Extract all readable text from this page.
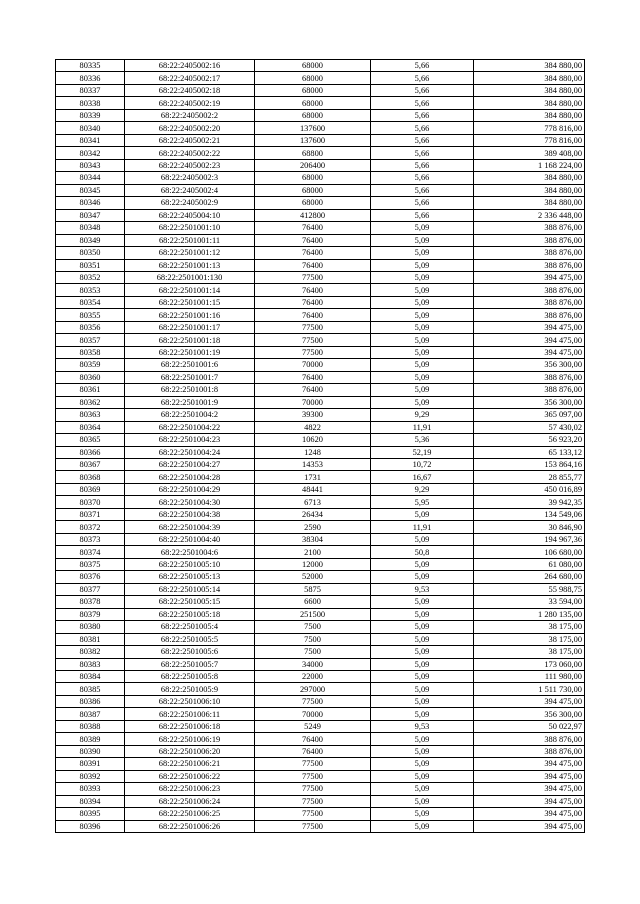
80335	68:22:2405002:16	68000	5,66	384 880,00
80336	68:22:2405002:17	68000	5,66	384 880,00
80337	68:22:2405002:18	68000	5,66	384 880,00
80338	68:22:2405002:19	68000	5,66	384 880,00
80339	68:22:2405002:2	68000	5,66	384 880,00
80340	68:22:2405002:20	137600	5,66	778 816,00
80341	68:22:2405002:21	137600	5,66	778 816,00
80342	68:22:2405002:22	68800	5,66	389 408,00
80343	68:22:2405002:23	206400	5,66	1 168 224,00
80344	68:22:2405002:3	68000	5,66	384 880,00
80345	68:22:2405002:4	68000	5,66	384 880,00
80346	68:22:2405002:9	68000	5,66	384 880,00
80347	68:22:2405004:10	412800	5,66	2 336 448,00
80348	68:22:2501001:10	76400	5,09	388 876,00
80349	68:22:2501001:11	76400	5,09	388 876,00
80350	68:22:2501001:12	76400	5,09	388 876,00
80351	68:22:2501001:13	76400	5,09	388 876,00
80352	68:22:2501001:130	77500	5,09	394 475,00
80353	68:22:2501001:14	76400	5,09	388 876,00
80354	68:22:2501001:15	76400	5,09	388 876,00
80355	68:22:2501001:16	76400	5,09	388 876,00
80356	68:22:2501001:17	77500	5,09	394 475,00
80357	68:22:2501001:18	77500	5,09	394 475,00
80358	68:22:2501001:19	77500	5,09	394 475,00
80359	68:22:2501001:6	70000	5,09	356 300,00
80360	68:22:2501001:7	76400	5,09	388 876,00
80361	68:22:2501001:8	76400	5,09	388 876,00
80362	68:22:2501001:9	70000	5,09	356 300,00
80363	68:22:2501004:2	39300	9,29	365 097,00
80364	68:22:2501004:22	4822	11,91	57 430,02
80365	68:22:2501004:23	10620	5,36	56 923,20
80366	68:22:2501004:24	1248	52,19	65 133,12
80367	68:22:2501004:27	14353	10,72	153 864,16
80368	68:22:2501004:28	1731	16,67	28 855,77
80369	68:22:2501004:29	48441	9,29	450 016,89
80370	68:22:2501004:30	6713	5,95	39 942,35
80371	68:22:2501004:38	26434	5,09	134 549,06
80372	68:22:2501004:39	2590	11,91	30 846,90
80373	68:22:2501004:40	38304	5,09	194 967,36
80374	68:22:2501004:6	2100	50,8	106 680,00
80375	68:22:2501005:10	12000	5,09	61 080,00
80376	68:22:2501005:13	52000	5,09	264 680,00
80377	68:22:2501005:14	5875	9,53	55 988,75
80378	68:22:2501005:15	6600	5,09	33 594,00
80379	68:22:2501005:18	251500	5,09	1 280 135,00
80380	68:22:2501005:4	7500	5,09	38 175,00
80381	68:22:2501005:5	7500	5,09	38 175,00
80382	68:22:2501005:6	7500	5,09	38 175,00
80383	68:22:2501005:7	34000	5,09	173 060,00
80384	68:22:2501005:8	22000	5,09	111 980,00
80385	68:22:2501005:9	297000	5,09	1 511 730,00
80386	68:22:2501006:10	77500	5,09	394 475,00
80387	68:22:2501006:11	70000	5,09	356 300,00
80388	68:22:2501006:18	5249	9,53	50 022,97
80389	68:22:2501006:19	76400	5,09	388 876,00
80390	68:22:2501006:20	76400	5,09	388 876,00
80391	68:22:2501006:21	77500	5,09	394 475,00
80392	68:22:2501006:22	77500	5,09	394 475,00
80393	68:22:2501006:23	77500	5,09	394 475,00
80394	68:22:2501006:24	77500	5,09	394 475,00
80395	68:22:2501006:25	77500	5,09	394 475,00
80396	68:22:2501006:26	77500	5,09	394 475,00
